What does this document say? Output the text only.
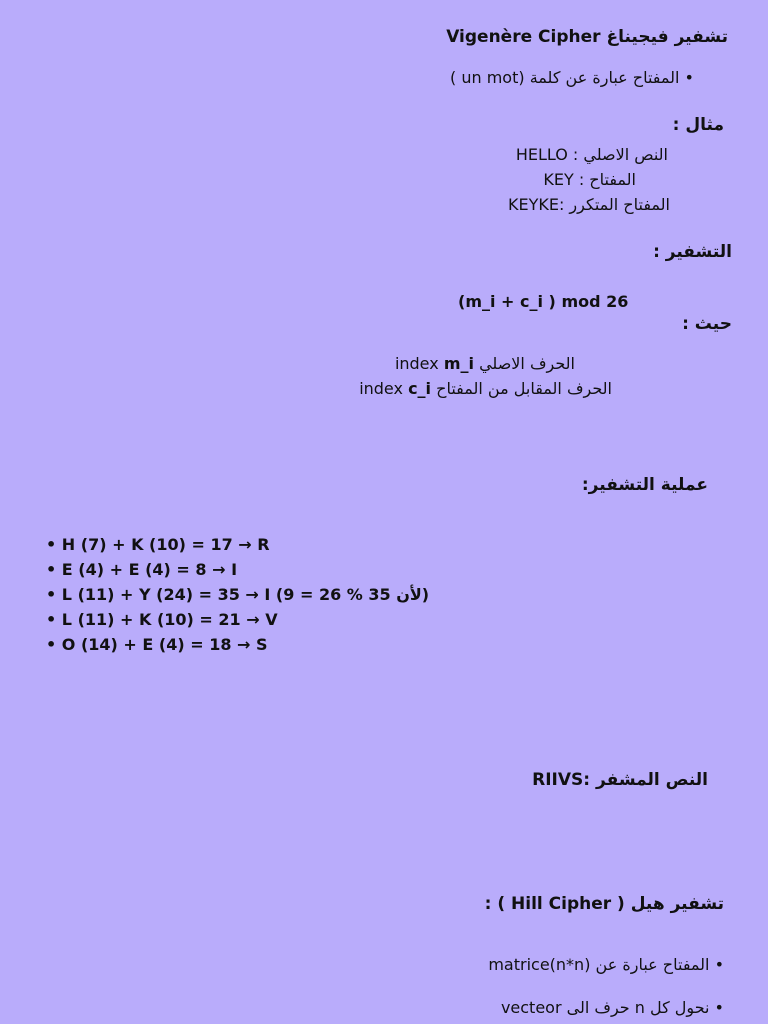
تشفير فيجيناغ Vigenère Cipher

• المفتاح عبارة عن كلمة (un mot )

مثال :

النص الاصلي : HELLO

المفتاح : KEY

المفتاح المتكرر :KEYKE

التشفير :

(m_i + c_i ) mod 26

حيث :

الحرف الاصلي index m_i

الحرف المقابل من المفتاح index c_i

عملية التشفير:

• H (7) + K (10) = 17 → R

• E (4) + E (4) = 8 → I

• L (11) + Y (24) = 35 → I (لأن 35 % 26 = 9)

• L (11) + K (10) = 21 → V

• O (14) + E (4) = 18 → S

النص المشفر :RIIVS

تشفير هيل ( Hill Cipher ) :

• المفتاح عبارة عن matrice(n*n)

• نحول كل n حرف الى vecteor
